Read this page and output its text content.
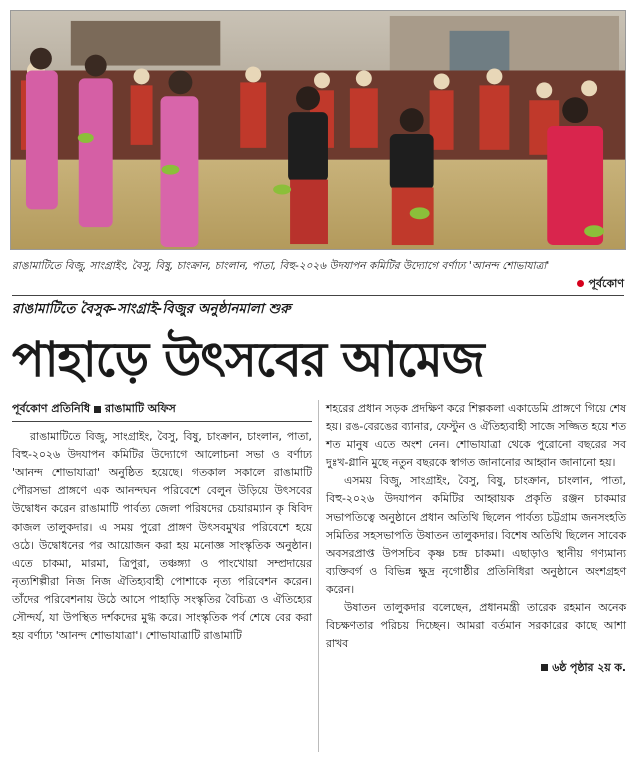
রাঙামাটিতে বিজু, সাংগ্রাইং, বৈসু, বিষু, চাংক্রান, চাংলান, পাতা, বিহু-২০২৬ উদযাপন কমিটির উদ্যোগে বর্ণাঢ্য 'আনন্দ শোভাযাত্রা'
পূর্বকোণ
রাঙামাটিতে বৈসুক-সাংগ্রাই-বিজুর অনুষ্ঠানমালা শুরু
পাহাড়ে উৎসবের আমেজ
পূর্বকোণ প্রতিনিধি রাঙামাটি অফিস

রাঙামাটিতে বিজু, সাংগ্রাইং, বৈসু, বিষু, চাংক্রান, চাংলান, পাতা, বিহু-২০২৬ উদযাপন কমিটির উদ্যোগে আলোচনা সভা ও বর্ণাঢ্য 'আনন্দ শোভাযাত্রা' অনুষ্ঠিত হয়েছে। গতকাল সকালে রাঙামাটি পৌরসভা প্রাঙ্গণে এক আনন্দঘন পরিবেশে বেলুন উড়িয়ে উৎসবের উদ্বোধন করেন রাঙামাটি পার্বত্য জেলা পরিষদের চেয়ারম্যান কৃ ষিবিদ কাজল তালুকদার। এ সময় পুরো প্রাঙ্গণ উৎসবমুখর পরিবেশে হয়ে ওঠে। উদ্বোধনের পর আয়োজন করা হয় মনোজ্ঞ সাংস্কৃতিক অনুষ্ঠান। এতে চাকমা, মারমা, ত্রিপুরা, তঞ্চঙ্গ্যা ও পাংখোয়া সম্প্রদায়ের নৃত্যশিল্পীরা নিজ নিজ ঐতিহ্যবাহী পোশাকে নৃত্য পরিবেশন করেন। তাঁদের পরিবেশনায় উঠে আসে পাহাড়ি সংস্কৃতির বৈচিত্র্য ও ঐতিহ্যের সৌন্দর্য, যা উপস্থিত দর্শকদের মুগ্ধ করে। সাংস্কৃতিক পর্ব শেষে বের করা হয় বর্ণাঢ্য 'আনন্দ শোভাযাত্রা'। শোভাযাত্রাটি রাঙামাটি

শহরের প্রধান সড়ক প্রদক্ষিণ করে শিল্পকলা একাডেমি প্রাঙ্গণে গিয়ে শেষ হয়। রঙ-বেরঙের ব্যানার, ফেস্টুন ও ঐতিহ্যবাহী সাজে সজ্জিত হয়ে শত শত মানুষ এতে অংশ নেন। শোভাযাত্রা থেকে পুরোনো বছরের সব দুঃখ-গ্লানি মুছে নতুন বছরকে স্বাগত জানানোর আহ্বান জানানো হয়।

এসময় বিজু, সাংগ্রাইং, বৈসু, বিষু, চাংক্রান, চাংলান, পাতা, বিহু-২০২৬ উদযাপন কমিটির আহ্বায়ক প্রকৃতি রঞ্জন চাকমার সভাপতিত্বে অনুষ্ঠানে প্রধান অতিথি ছিলেন পার্বত্য চট্টগ্রাম জনসংহতি সমিতির সহসভাপতি উষাতন তালুকদার। বিশেষ অতিথি ছিলেন সাবেক অবসরপ্রাপ্ত উপসচিব কৃষ্ণ চন্দ্র চাকমা। এছাড়াও স্থানীয় গণ্যমান্য ব্যক্তিবর্গ ও বিভিন্ন ক্ষুদ্র নৃগোষ্ঠীর প্রতিনিধিরা অনুষ্ঠানে অংশগ্রহণ করেন।

উষাতন তালুকদার বলেছেন, প্রধানমন্ত্রী তারেক রহমান অনেক বিচক্ষণতার পরিচয় দিচ্ছেন। আমরা বর্তমান সরকারের কাছে আশা রাখব

৬ষ্ঠ পৃষ্ঠার ২য় ক.
